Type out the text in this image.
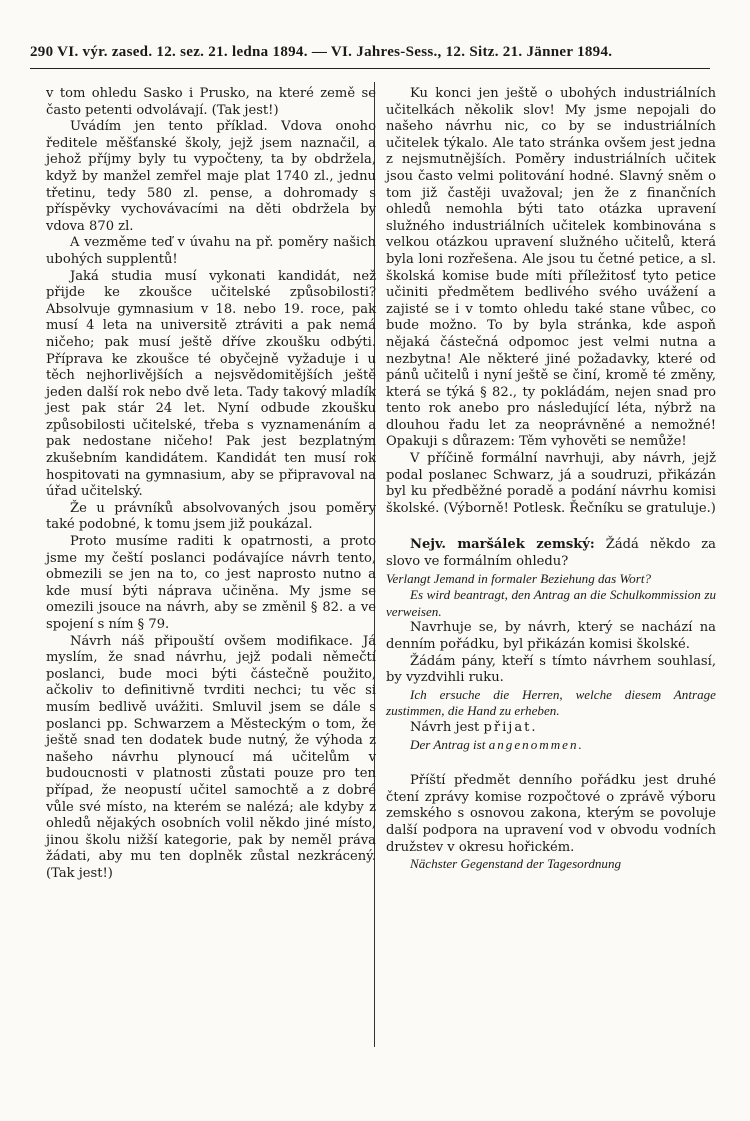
290 VI. výr. zased. 12. sez. 21. ledna 1894. — VI. Jahres-Sess., 12. Sitz. 21. Jänner 1894.

v tom ohledu Sasko i Prusko, na které země se často petenti odvolávají. (Tak jest!)

Uvádím jen tento příklad. Vdova onoho ředitele měšťanské školy, jejž jsem naznačil, a jehož příjmy byly tu vypočteny, ta by obdržela, když by manžel zemřel maje plat 1740 zl., jednu třetinu, tedy 580 zl. pense, a dohromady s příspěvky vychovávacími na děti obdržela by vdova 870 zl.

A vezměme teď v úvahu na př. poměry našich ubohých supplentů!

Jaká studia musí vykonati kandidát, než přijde ke zkoušce učitelské způsobilosti? Absolvuje gymnasium v 18. nebo 19. roce, pak musí 4 leta na universitě ztráviti a pak nemá ničeho; pak musí ještě dříve zkoušku odbýti. Příprava ke zkoušce té obyčejně vyžaduje i u těch nejhorlivějších a nejsvědomitějších ještě jeden další rok nebo dvě leta. Tady takový mladík jest pak stár 24 let. Nyní odbude zkoušku způsobilosti učitelské, třeba s vyznamenáním a pak nedostane ničeho! Pak jest bezplatným zkušebním kandidátem. Kandidát ten musí rok hospitovati na gymnasium, aby se připravoval na úřad učitelský.

Že u právníků absolvovaných jsou poměry také podobné, k tomu jsem již poukázal.

Proto musíme raditi k opatrnosti, a proto jsme my čeští poslanci podávajíce návrh tento, obmezili se jen na to, co jest naprosto nutno a kde musí býti náprava učiněna. My jsme se omezili jsouce na návrh, aby se změnil § 82. a ve spojení s ním § 79.

Návrh náš připouští ovšem modifikace. Já myslím, že snad návrhu, jejž podali němečtí poslanci, bude moci býti částečně použito, ačkoliv to definitivně tvrditi nechci; tu věc si musím bedlivě uvážiti. Smluvil jsem se dále s poslanci pp. Schwarzem a Městeckým o tom, že ještě snad ten dodatek bude nutný, že výhoda z našeho návrhu plynoucí má učitelům v budoucnosti v platnosti zůstati pouze pro ten případ, že neopustí učitel samochtě a z dobré vůle své místo, na kterém se nalézá; ale kdyby z ohledů nějakých osobních volil někdo jiné místo, jinou školu nižší kategorie, pak by neměl práva žádati, aby mu ten doplněk zůstal nezkrácený. (Tak jest!)

Ku konci jen ještě o ubohých industriálních učitelkách několik slov! My jsme nepojali do našeho návrhu nic, co by se industriálních učitelek týkalo. Ale tato stránka ovšem jest jedna z nejsmutnějších. Poměry industriálních učitek jsou často velmi politování hodné. Slavný sněm o tom již častěji uvažoval; jen že z finančních ohledů nemohla býti tato otázka upravení služného industriálních učitelek kombinována s velkou otázkou upravení služného učitelů, která byla loni rozřešena. Ale jsou tu četné petice, a sl. školská komise bude míti příležitosť tyto petice učiniti předmětem bedlivého svého uvážení a zajisté se i v tomto ohledu také stane vůbec, co bude možno. To by byla stránka, kde aspoň nějaká částečná odpomoc jest velmi nutna a nezbytna! Ale některé jiné požadavky, které od pánů učitelů i nyní ještě se činí, kromě té změny, která se týká § 82., ty pokládám, nejen snad pro tento rok anebo pro následující léta, nýbrž na dlouhou řadu let za neoprávněné a nemožné! Opakuji s důrazem: Těm vyhověti se nemůže!

V příčině formální navrhuji, aby návrh, jejž podal poslanec Schwarz, já a soudruzi, přikázán byl ku předběžné poradě a podání návrhu komisi školské. (Výborně! Potlesk. Řečníku se gratuluje.)

Nejv. maršálek zemský: Žádá někdo za slovo ve formálním ohledu?

Verlangt Jemand in formaler Beziehung das Wort?

Es wird beantragt, den Antrag an die Schulkommission zu verweisen.

Navrhuje se, by návrh, který se nachází na denním pořádku, byl přikázán komisi školské.

Žádám pány, kteří s tímto návrhem souhlasí, by vyzdvihli ruku.

Ich ersuche die Herren, welche diesem Antrage zustimmen, die Hand zu erheben.

Návrh jest přijat.

Der Antrag ist angenommen.

Příští předmět denního pořádku jest druhé čtení zprávy komise rozpočtové o zprávě výboru zemského s osnovou zakona, kterým se povoluje další podpora na upravení vod v obvodu vodních družstev v okresu hořickém.

Nächster Gegenstand der Tagesordnung
